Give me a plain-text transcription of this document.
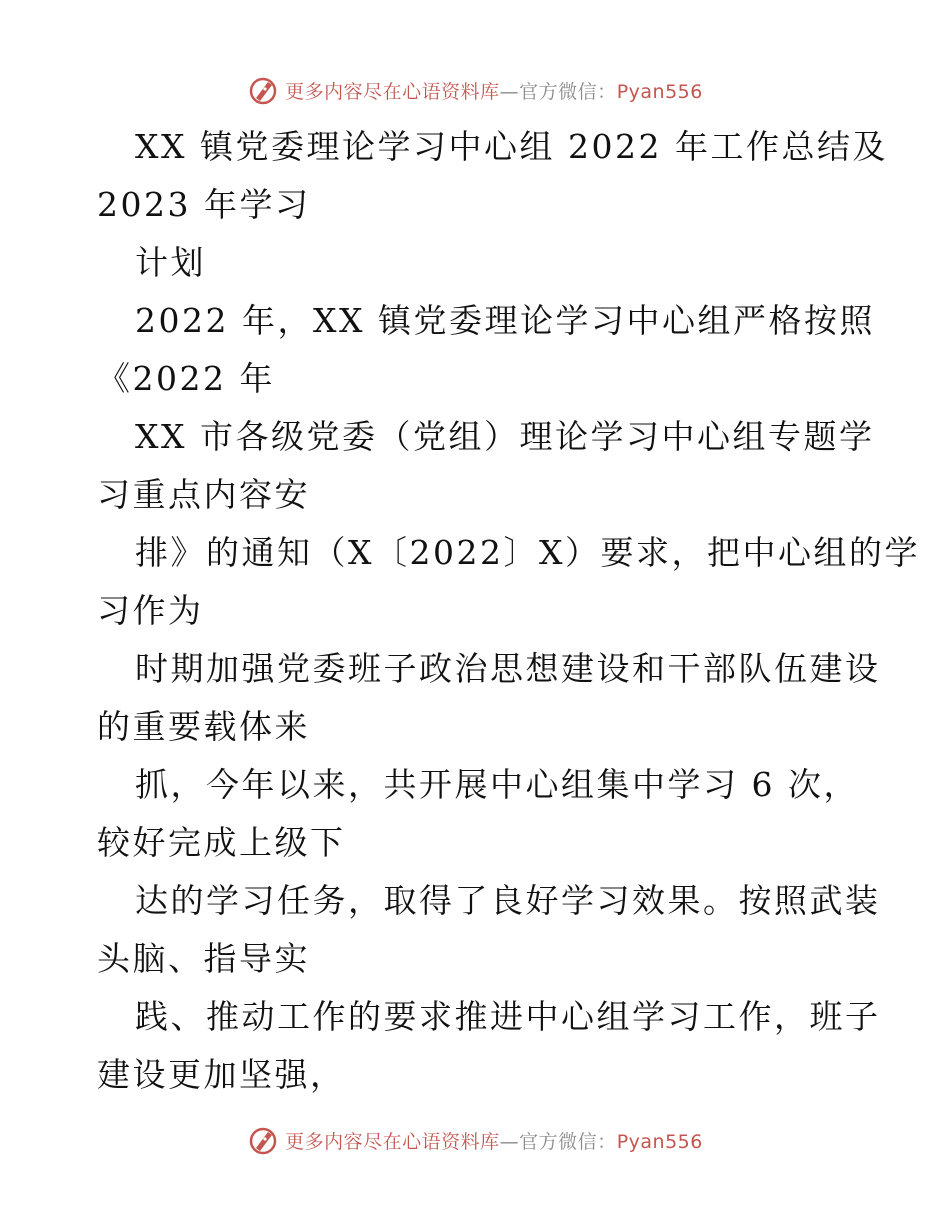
更多内容尽在心语资料库—官方微信：Pyan556
XX 镇党委理论学习中心组 2022 年工作总结及
2023 年学习
计划
2022 年，XX 镇党委理论学习中心组严格按照
《2022 年
XX 市各级党委（党组）理论学习中心组专题学
习重点内容安
排》的通知（X〔2022〕X）要求，把中心组的学
习作为
时期加强党委班子政治思想建设和干部队伍建设
的重要载体来
抓，今年以来，共开展中心组集中学习 6 次，
较好完成上级下
达的学习任务，取得了良好学习效果。按照武装
头脑、指导实
践、推动工作的要求推进中心组学习工作，班子
建设更加坚强，
更多内容尽在心语资料库—官方微信：Pyan556
